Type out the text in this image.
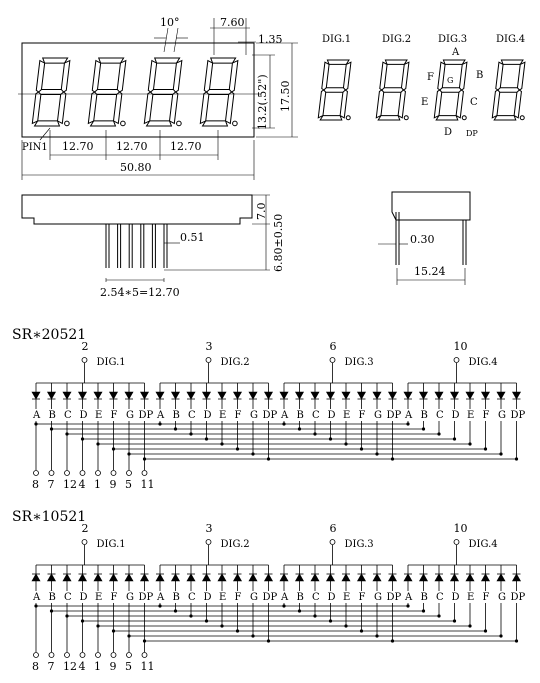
10°	7.60
1.35
13.2(.52") 17.50
12.70 12.70 12.70
PIN1
50.80
DIG.1	DIG.2	DIG.3	DIG.4
A
B
C
D
E
F G
DP
2.54∗5=12.70
0.51
7.0
6.80±0.50	0.30
15.24
SR∗20521
2
DIG.1
A B C D E F G DP
3
DIG.2
A B C D E F G DP
6
DIG.3
A B C D E F G DP
10
DIG.4
A B C D E F G DP
8 7 12 4 1 9 5 11
SR∗10521
2
DIG.1
A B C D E F G DP
3
DIG.2
A B C D E F G DP
6
DIG.3
A B C D E F G DP
10
DIG.4
A B C D E F G DP
8 7 12 4 1 9 5 11
